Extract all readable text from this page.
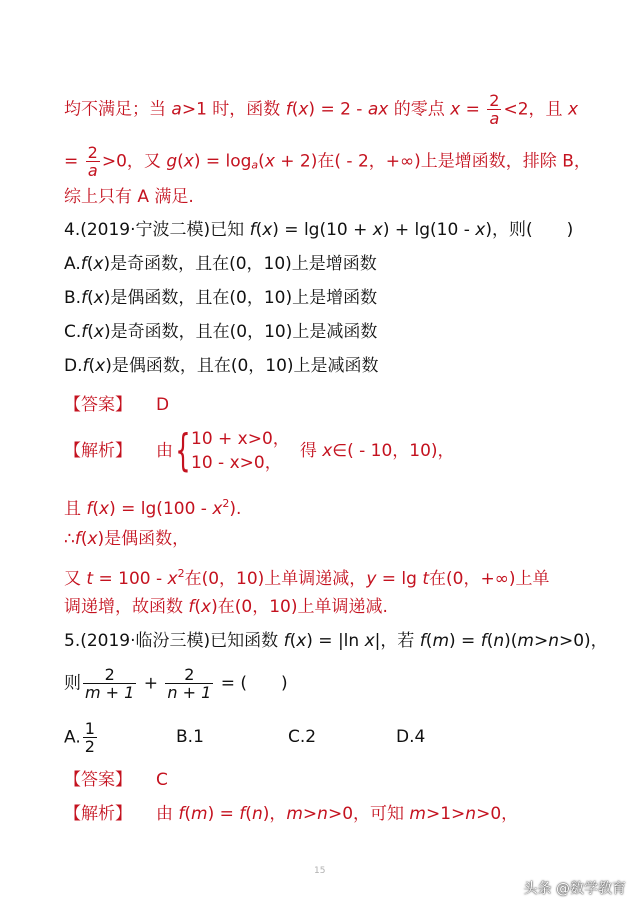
均不满足；当 a>1 时，函数 f(x) = 2 - ax 的零点 $x = \frac{2}{a} <2$，且 x
= $\frac{2}{a} >0$，又 $g(x) = \log_a(x + 2)$在( - 2，+∞)上是增函数，排除 B，
综上只有 A 满足.
4.(2019·宁波二模)已知 f(x) = lg(10 + x) + lg(10 - x)，则(　　)
A.f(x)是奇函数，且在(0，10)上是增函数
B.f(x)是偶函数，且在(0，10)上是增函数
C.f(x)是奇函数，且在(0，10)上是减函数
D.f(x)是偶函数，且在(0，10)上是减函数
【答案】 D
【解析】 由{ 10 + x>0，
10 - x>0，
得 x∈( - 10，10)，
且 $f(x) = \lg(100 - x^2)$.
∴f(x)是偶函数，
又 $t = 100 - x^2$在(0，10)上单调递减，y = lg t在(0，+∞)上单
调递增，故函数 f(x)在(0，10)上单调递减.
5.(2019·临汾三模)已知函数 f(x) = |ln x|，若 f(m) = f(n)(m>n>0)，
则 $\frac{2}{m + 1} + \frac{2}{n + 1}$ = (　　)
A. $\frac{1}{2}$	B.1	C.2	D.4
【答案】 C
【解析】 由 f(m) = f(n)，m>n>0，可知 m>1>n>0，
15
头条 @数学教育
